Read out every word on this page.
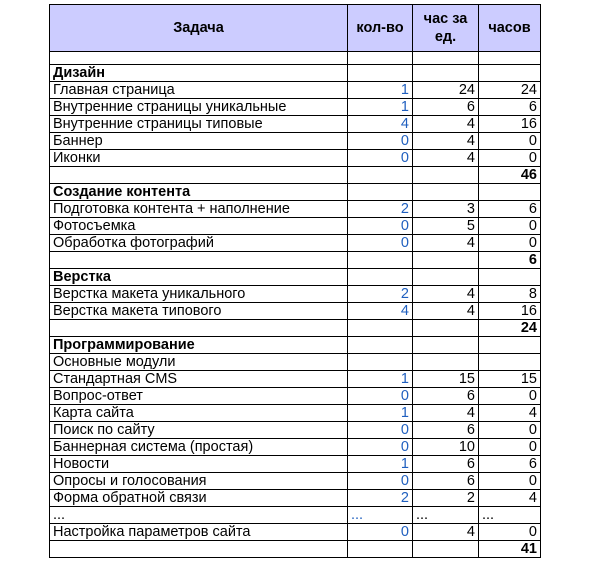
Задача	кол-во	час за ед.	часов

Дизайн			
Главная страница	1	24	24
Внутренние страницы уникальные	1	6	6
Внутренние страницы типовые	4	4	16
Баннер	0	4	0
Иконки	0	4	0
			46
Создание контента			
Подготовка контента + наполнение	2	3	6
Фотосъемка	0	5	0
Обработка фотографий	0	4	0
			6
Верстка			
Верстка макета уникального	2	4	8
Верстка макета типового	4	4	16
			24
Программирование			
Основные модули			
Стандартная CMS	1	15	15
Вопрос-ответ	0	6	0
Карта сайта	1	4	4
Поиск по сайту	0	6	0
Баннерная система (простая)	0	10	0
Новости	1	6	6
Опросы и голосования	0	6	0
Форма обратной связи	2	2	4
...	...	...	...
Настройка параметров сайта	0	4	0
			41
